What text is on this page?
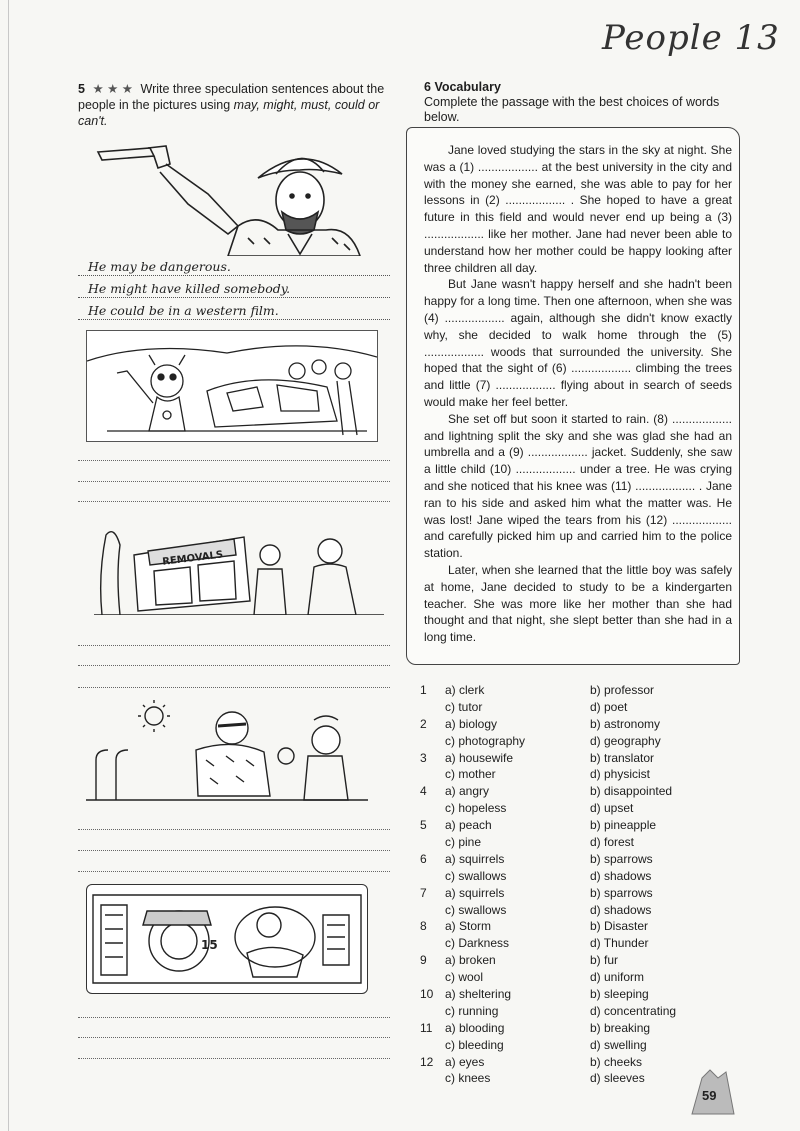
People 13
5 ★ ★ ★ Write three speculation sentences about the people in the pictures using may, might, must, could or can't.
He may be dangerous.
He might have killed somebody.
He could be in a western film.
REMOVALS
15
6 Vocabulary
Complete the passage with the best choices of words below.

Jane loved studying the stars in the sky at night. She was a (1) .................. at the best university in the city and with the money she earned, she was able to pay for her lessons in (2) .................. . She hoped to have a great future in this field and would never end up being a (3) .................. like her mother. Jane had never been able to understand how her mother could be happy looking after three children all day.

But Jane wasn't happy herself and she hadn't been happy for a long time. Then one afternoon, when she was (4) .................. again, although she didn't know exactly why, she decided to walk home through the (5) .................. woods that surrounded the university. She hoped that the sight of (6) .................. climbing the trees and little (7) .................. flying about in search of seeds would make her feel better.

She set off but soon it started to rain. (8) .................. and lightning split the sky and she was glad she had an umbrella and a (9) .................. jacket. Suddenly, she saw a little child (10) .................. under a tree. He was crying and she noticed that his knee was (11) .................. . Jane ran to his side and asked him what the matter was. He was lost! Jane wiped the tears from his (12) .................. and carefully picked him up and carried him to the police station.

Later, when she learned that the little boy was safely at home, Jane decided to study to be a kindergarten teacher. She was more like her mother than she had thought and that night, she slept better than she had in a long time.

1	a) clerk	b) professor
c) tutor	d) poet
2	a) biology	b) astronomy
c) photography	d) geography
3	a) housewife	b) translator
c) mother	d) physicist
4	a) angry	b) disappointed
c) hopeless	d) upset
5	a) peach	b) pineapple
c) pine	d) forest
6	a) squirrels	b) sparrows
c) swallows	d) shadows
7	a) squirrels	b) sparrows
c) swallows	d) shadows
8	a) Storm	b) Disaster
c) Darkness	d) Thunder
9	a) broken	b) fur
c) wool	d) uniform
10 a) sheltering	b) sleeping
c) running	d) concentrating
11	a) blooding	b) breaking
c) bleeding	d) swelling
12 a) eyes	b) cheeks
c) knees	d) sleeves
59
